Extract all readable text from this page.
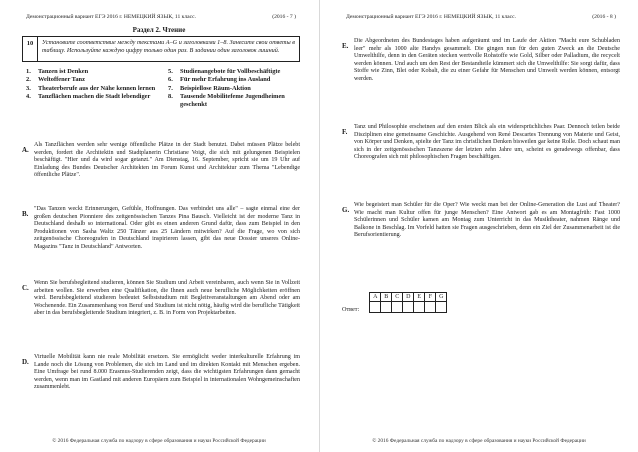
Демонстрационный вариант ЕГЭ 2016 г. НЕМЕЦКИЙ ЯЗЫК, 11 класс.	(2016 - 7 )
Раздел 2. Чтение
10	Установите соответствие между текстами A–G и заголовками 1–8. Занесите свои ответы в таблицу. Используйте каждую цифру только один раз. В задании один заголовок лишний.
1.	Tanzen ist Denken	5.	Studienangebote für Vollbeschäftigte
2.	Weltoffener Tanz	6.	Für mehr Erfahrung ins Ausland
3.	Theaterberufe aus der Nähe kennen lernen 7.	Beispiellose Räum-Aktion
4.	Tanzflächen machen die Stadt lebendiger	8.	Tausende Mobilitefeme Jugendheimen geschenkt
A.
Als Tanzflächen werden sehr wenige öffentliche Plätze in der Stadt benutzt. Dabei müssen Plätze belebt werden, fordert die Architektin und Stadtplanerin Christiane Voigt, die sich mit gelungenen Beispielen beschäftigt. "Hier und da wird sogar getanzt." Am Dienstag, 16. September, spricht sie um 19 Uhr auf Einladung des Bundes Deutscher Architekten im Forum Kunst und Architektur zum Thema "Lebendige öffentliche Plätze".
B.
"Das Tanzen weckt Erinnerungen, Gefühle, Hoffnungen. Das verbindet uns alle" – sagte einmal eine der großen deutschen Pionniere des zeitgenössischen Tanzes Pina Bausch. Vielleicht ist der moderne Tanz in Deutschland deshalb so international. Oder gibt es einen anderen Grund dafür, dass zum Beispiel in den Produktionen von Sasha Waltz 250 Tänzer aus 25 Ländern mitwirken? Auf die Frage, wo von sich zeitgenössische Choreografen in Deutschland inspirieren lassen, gibt das neue Dossier unseres Online-Magazins "Tanz in Deutschland" Antworten.
C.
Wenn Sie berufsbegleitend studieren, können Sie Studium und Arbeit vereinbaren, auch wenn Sie in Vollzeit arbeiten wollen. Sie erwerben eine Qualifikation, die Ihnen auch neue berufliche Möglichkeiten eröffnen wird. Berufsbegleitend studieren bedeutet Selbststudium mit Begleitveranstaltungen am Abend oder am Wochenende. Ein Zusammenhang von Beruf und Studium ist nicht nötig, häufig wird die berufliche Tätigkeit aber in das berufsbegleitende Studium integriert, z. B. in Form von Projektarbeiten.
D.
Virtuelle Mobilität kann nie reale Mobilität ersetzen. Sie ermöglicht weder interkulturelle Erfahrung im Lande noch die Lösung von Problemen, die sich im Land und im direkten Kontakt mit Menschen ergeben. Eine Umfrage bei rund 8.000 Erasmus-Studierenden zeigt, dass die wichtigsten Erfahrungen dann gemacht werden, wenn man im Gastland mit anderen Europäern zum Beispiel in internationalen Wohngemeinschaften zusammenlebt.
© 2016 Федеральная служба по надзору в сфере образования и науки Российской Федерации
Демонстрационный вариант ЕГЭ 2016 г. НЕМЕЦКИЙ ЯЗЫК, 11 класс.	(2016 - 8 )
E.
Die Abgeordneten des Bundestages haben aufgeräumt und im Laufe der Aktion "Macht eure Schubladen leer" mehr als 1000 alte Handys gesammelt. Die gingen nun für den guten Zweck an die Deutsche Umwelthilfe, denn in den Geräten stecken wertvolle Rohstoffe wie Gold, Silber oder Palladium, die recycelt werden können. Und auch um den Rest der Bestandteile kümmert sich die Umwelthilfe: Sie sorgt dafür, dass Stoffe wie Zinn, Blei oder Kobalt, die zu einer Gefahr für Menschen und Umwelt werden können, entsorgt werden.
F.
Tanz und Philosophie erscheinen auf den ersten Blick als ein widersprüchliches Paar. Dennoch teilen beide Disziplinen eine gemeinsame Geschichte. Ausgehend von René Descartes Trennung von Materie und Geist, von Körper und Denken, spielte der Tanz im christlichen Denken bisweilen gar keine Rolle. Doch schaut man sich in der zeitgenössischen Tanzszene der letzten zehn Jahre um, scheint es geradewegs offenbar, dass Choreografen sich mit philosophischen Fragen beschäftigen.
G.
Wie begeistert man Schüler für die Oper? Wie weckt man bei der Online-Generation die Lust auf Theater? Wie macht man Kultur offen für junge Menschen? Eine Antwort gab es am Montagfrüh: Fast 1000 Schülerinnen und Schüler kamen am Montag zum Unterricht in das Musiktheater, nahmen Ränge und Balkone in Beschlag. Im Vorfeld hatten sie Fragen ausgeschrieben, denn ein Ziel der Zusammenarbeit ist die Berufsorientierung.
Ответ:
A	B	C	D	E	F	G

© 2016 Федеральная служба по надзору в сфере образования и науки Российской Федерации
